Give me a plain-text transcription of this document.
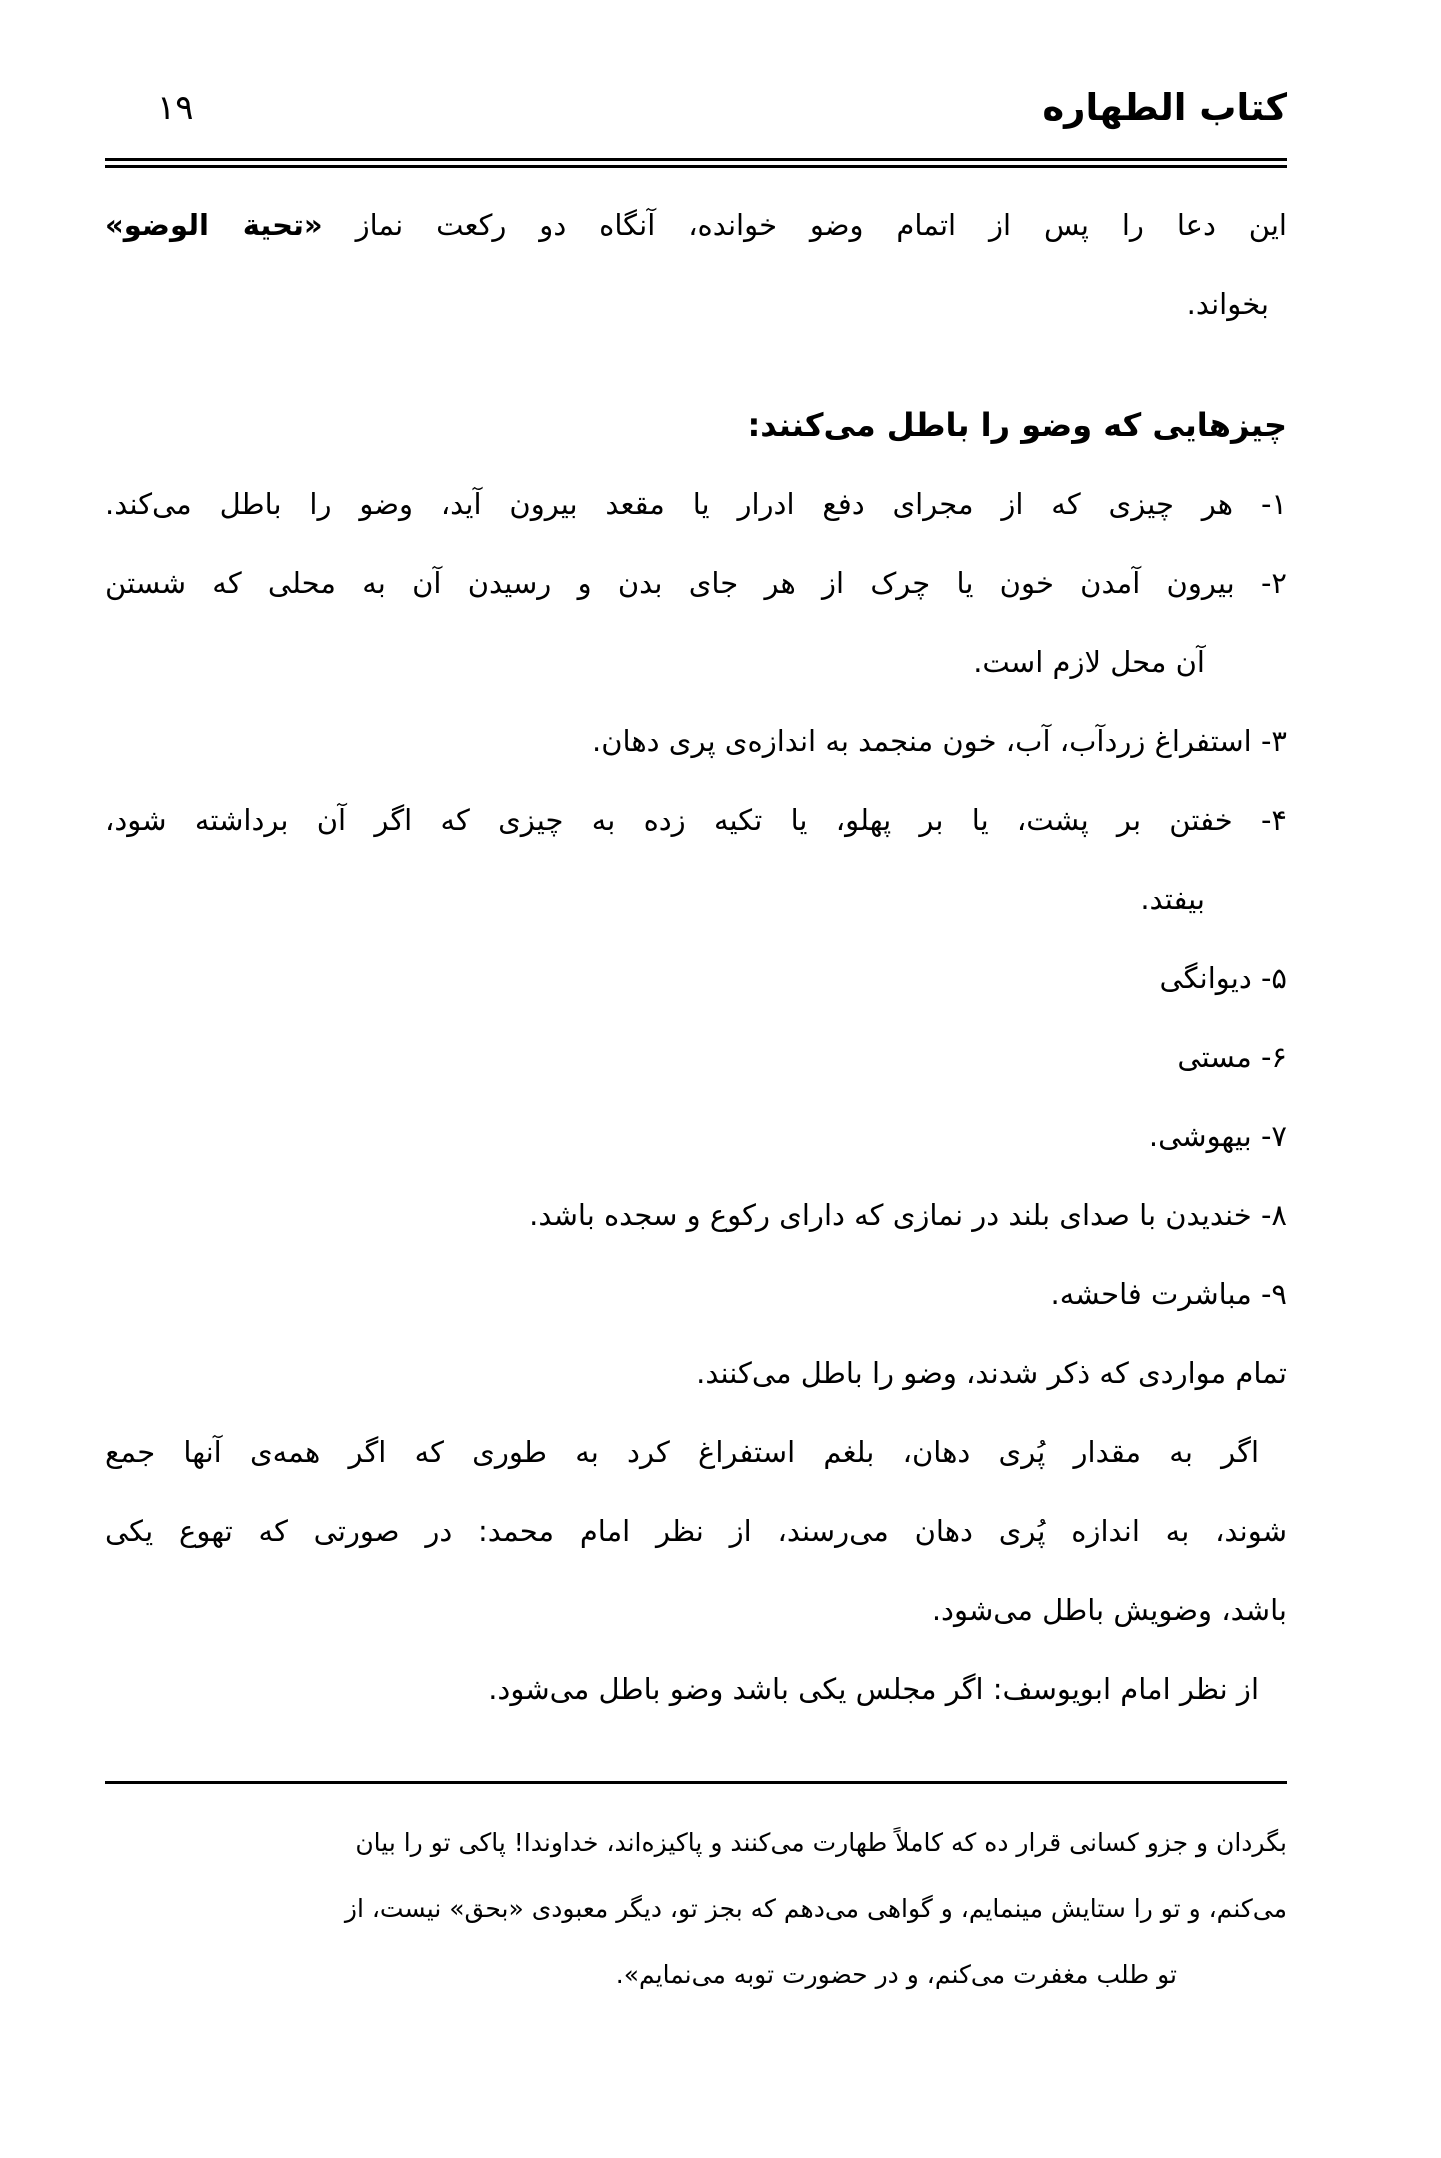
۱۹	كتاب الطهاره
این دعا را پس از اتمام وضو خوانده، آنگاه دو رکعت نماز «تحية الوضو»
بخواند.
چیزهایی که وضو را باطل می‌کنند:
۱- هر چیزی که از مجرای دفع ادرار یا مقعد بیرون آید، وضو را باطل می‌کند.
۲- بیرون آمدن خون یا چرک از هر جای بدن و رسیدن آن به محلی که شستن
آن محل لازم است.
۳- استفراغ زردآب، آب، خون منجمد به اندازه‌ی پری دهان.
۴- خفتن بر پشت، یا بر پهلو، یا تکیه زده به چیزی که اگر آن برداشته شود،
بیفتد.
۵- دیوانگی
۶- مستی
۷- بیهوشی.
۸- خندیدن با صدای بلند در نمازی که دارای رکوع و سجده باشد.
۹- مباشرت فاحشه.
تمام مواردی که ذکر شدند، وضو را باطل می‌کنند.
اگر به مقدار پُری دهان، بلغم استفراغ کرد به طوری که اگر همه‌ی آنها جمع
شوند، به اندازه پُری دهان می‌رسند، از نظر امام محمد: در صورتی که تهوع یکی
باشد، وضویش باطل می‌شود.
از نظر امام ابویوسف: اگر مجلس یکی باشد وضو باطل می‌شود.
بگردان و جزو کسانی قرار ده که کاملاً طهارت می‌کنند و پاکیزه‌اند، خداوندا! پاکی تو را بیان
می‌کنم، و تو را ستایش مینمایم، و گواهی می‌دهم که بجز تو، دیگر معبودی «بحق» نیست، از
تو طلب مغفرت می‌کنم، و در حضورت توبه می‌نمایم».
